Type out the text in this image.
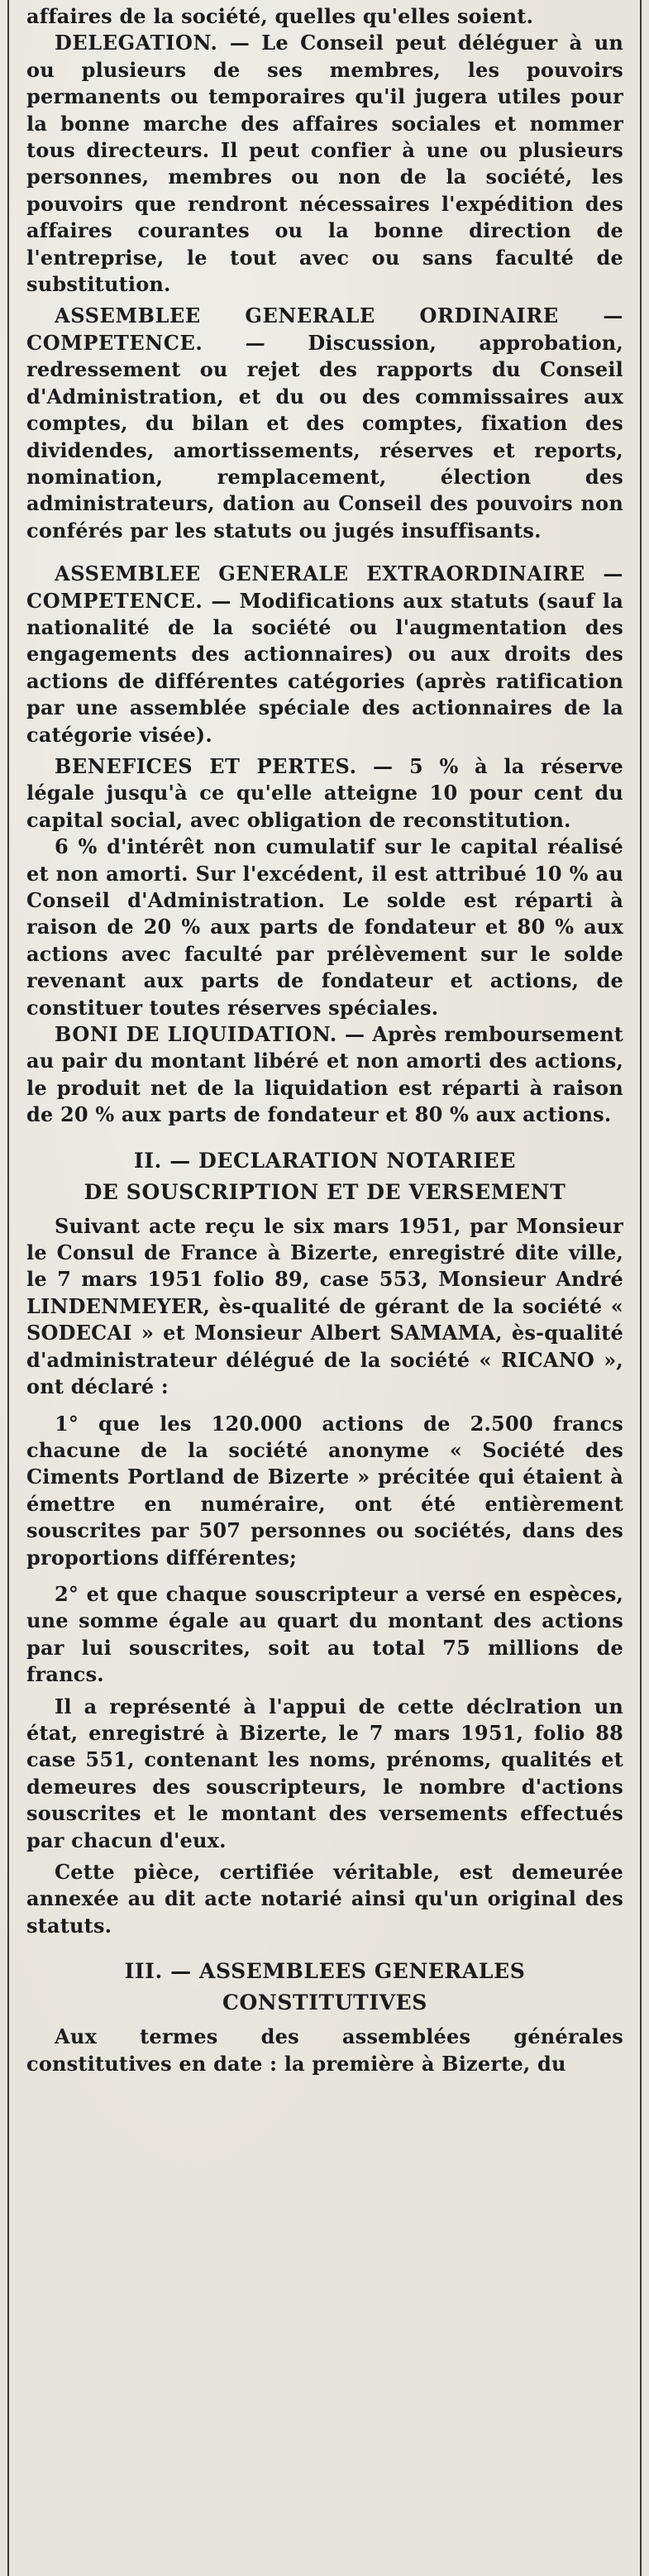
affaires de la société, quelles qu'elles soient.

DELEGATION. — Le Conseil peut déléguer à un ou plusieurs de ses membres, les pouvoirs permanents ou temporaires qu'il jugera utiles pour la bonne marche des affaires sociales et nommer tous directeurs. Il peut confier à une ou plusieurs personnes, membres ou non de la société, les pouvoirs que rendront nécessaires l'expédition des affaires courantes ou la bonne direction de l'entreprise, le tout avec ou sans faculté de substitution.

ASSEMBLEE GENERALE ORDINAIRE — COMPETENCE. — Discussion, approbation, redressement ou rejet des rapports du Conseil d'Administration, et du ou des commissaires aux comptes, du bilan et des comptes, fixation des dividendes, amortissements, réserves et reports, nomination, remplacement, élection des administrateurs, dation au Conseil des pouvoirs non conférés par les statuts ou jugés insuffisants.

ASSEMBLEE GENERALE EXTRAORDINAIRE — COMPETENCE. — Modifications aux statuts (sauf la nationalité de la société ou l'augmentation des engagements des actionnaires) ou aux droits des actions de différentes catégories (après ratification par une assemblée spéciale des actionnaires de la catégorie visée).

BENEFICES ET PERTES. — 5 % à la réserve légale jusqu'à ce qu'elle atteigne 10 pour cent du capital social, avec obligation de reconstitution.

6 % d'intérêt non cumulatif sur le capital réalisé et non amorti. Sur l'excédent, il est attribué 10 % au Conseil d'Administration. Le solde est réparti à raison de 20 % aux parts de fondateur et 80 % aux actions avec faculté par prélèvement sur le solde revenant aux parts de fondateur et actions, de constituer toutes réserves spéciales.

BONI DE LIQUIDATION. — Après remboursement au pair du montant libéré et non amorti des actions, le produit net de la liquidation est réparti à raison de 20 % aux parts de fondateur et 80 % aux actions.

II. — DECLARATION NOTARIEE
DE SOUSCRIPTION ET DE VERSEMENT

Suivant acte reçu le six mars 1951, par Monsieur le Consul de France à Bizerte, enregistré dite ville, le 7 mars 1951 folio 89, case 553, Monsieur André LINDENMEYER, ès-qualité de gérant de la société « SODECAI » et Monsieur Albert SAMAMA, ès-qualité d'administrateur délégué de la société « RICANO », ont déclaré :

1° que les 120.000 actions de 2.500 francs chacune de la société anonyme « Société des Ciments Portland de Bizerte » précitée qui étaient à émettre en numéraire, ont été entièrement souscrites par 507 personnes ou sociétés, dans des proportions différentes;

2° et que chaque souscripteur a versé en espèces, une somme égale au quart du montant des actions par lui souscrites, soit au total 75 millions de francs.

Il a représenté à l'appui de cette déclration un état, enregistré à Bizerte, le 7 mars 1951, folio 88 case 551, contenant les noms, prénoms, qualités et demeures des souscripteurs, le nombre d'actions souscrites et le montant des versements effectués par chacun d'eux.

Cette pièce, certifiée véritable, est demeurée annexée au dit acte notarié ainsi qu'un original des statuts.

III. — ASSEMBLEES GENERALES
CONSTITUTIVES

Aux termes des assemblées générales constitutives en date : la première à Bizerte, du
